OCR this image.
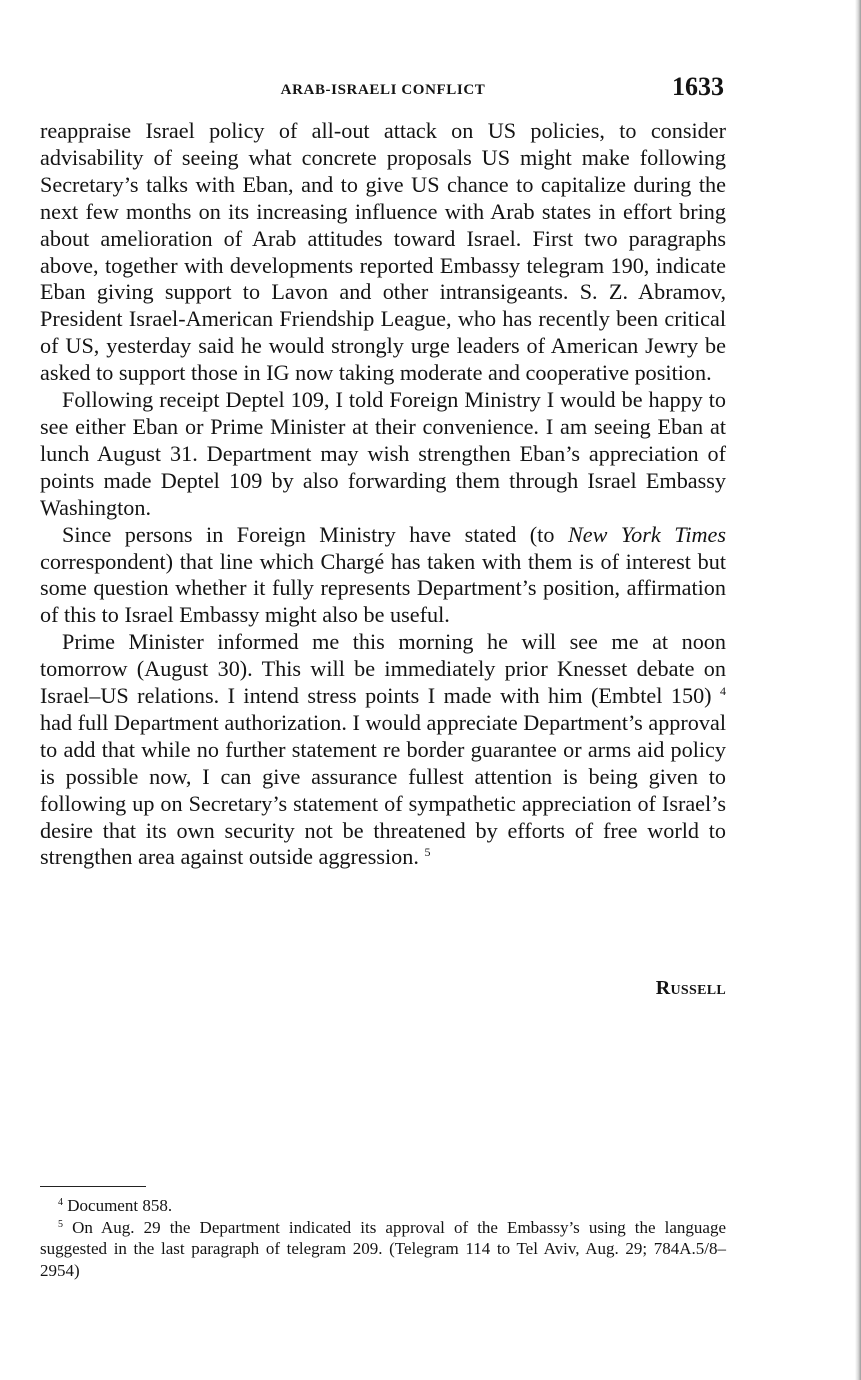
ARAB-ISRAELI CONFLICT	1633

reappraise Israel policy of all-out attack on US policies, to consider advisability of seeing what concrete proposals US might make following Secretary’s talks with Eban, and to give US chance to capitalize during the next few months on its increasing influence with Arab states in effort bring about amelioration of Arab attitudes toward Israel. First two paragraphs above, together with developments reported Embassy telegram 190, indicate Eban giving support to Lavon and other intransigeants. S. Z. Abramov, President Israel-American Friendship League, who has recently been critical of US, yesterday said he would strongly urge leaders of American Jewry be asked to support those in IG now taking moderate and cooperative position.

Following receipt Deptel 109, I told Foreign Ministry I would be happy to see either Eban or Prime Minister at their convenience. I am seeing Eban at lunch August 31. Department may wish strengthen Eban’s appreciation of points made Deptel 109 by also forwarding them through Israel Embassy Washington.

Since persons in Foreign Ministry have stated (to New York Times correspondent) that line which Chargé has taken with them is of interest but some question whether it fully represents Department’s position, affirmation of this to Israel Embassy might also be useful.

Prime Minister informed me this morning he will see me at noon tomorrow (August 30). This will be immediately prior Knesset debate on Israel–US relations. I intend stress points I made with him (Embtel 150) $^4$ had full Department authorization. I would appreciate Department’s approval to add that while no further statement re border guarantee or arms aid policy is possible now, I can give assurance fullest attention is being given to following up on Secretary’s statement of sympathetic appreciation of Israel’s desire that its own security not be threatened by efforts of free world to strengthen area against outside aggression. $^5$

Russell

$^4$ Document 858.

$^5$ On Aug. 29 the Department indicated its approval of the Embassy’s using the language suggested in the last paragraph of telegram 209. (Telegram 114 to Tel Aviv, Aug. 29; 784A.5/8–2954)
